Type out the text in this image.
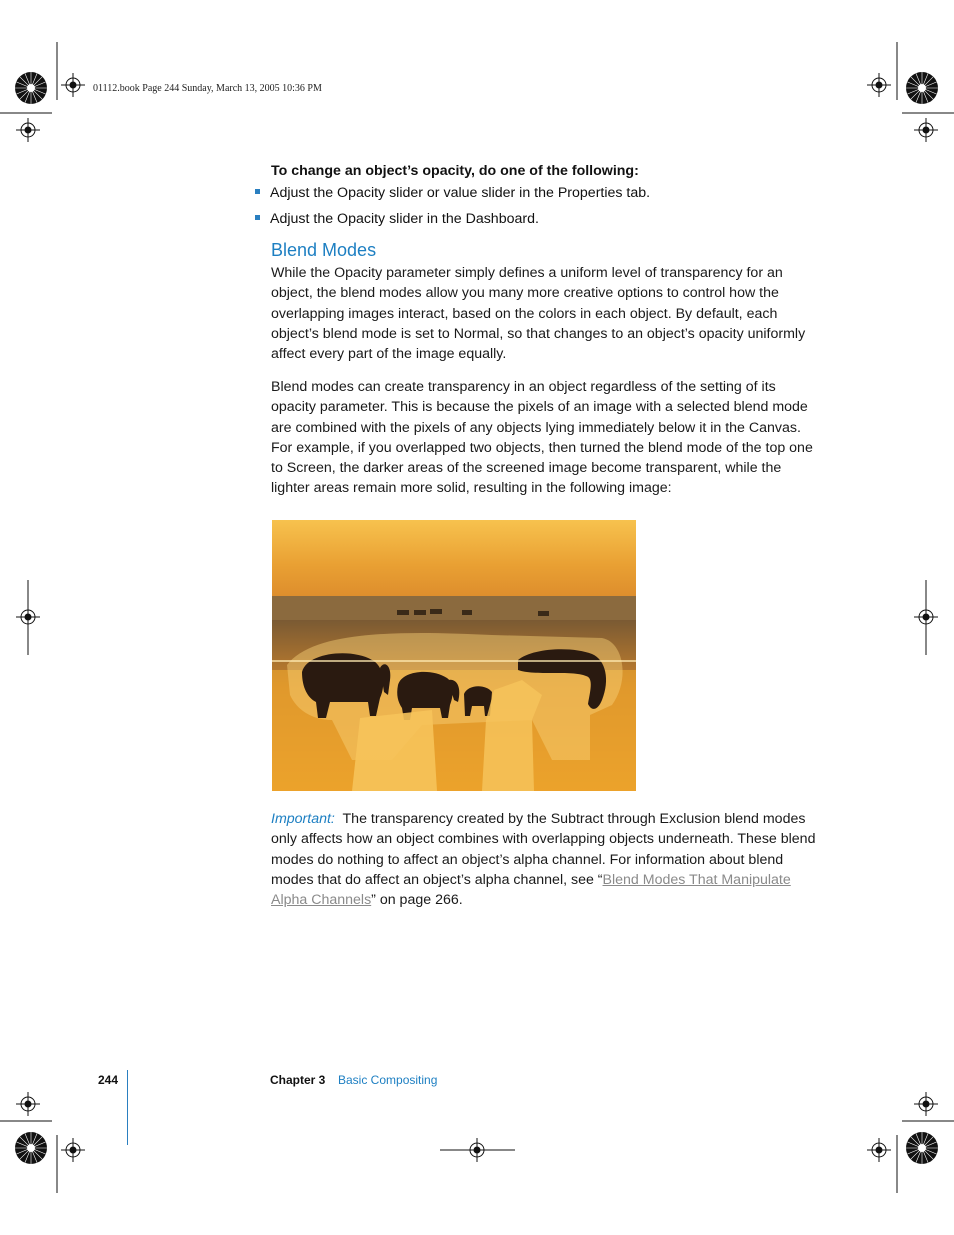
01112.book Page 244 Sunday, March 13, 2005 10:36 PM
To change an object’s opacity, do one of the following:
Adjust the Opacity slider or value slider in the Properties tab.
Adjust the Opacity slider in the Dashboard.
Blend Modes
While the Opacity parameter simply defines a uniform level of transparency for an object, the blend modes allow you many more creative options to control how the overlapping images interact, based on the colors in each object. By default, each object’s blend mode is set to Normal, so that changes to an object’s opacity uniformly affect every part of the image equally.
Blend modes can create transparency in an object regardless of the setting of its opacity parameter. This is because the pixels of an image with a selected blend mode are combined with the pixels of any objects lying immediately below it in the Canvas. For example, if you overlapped two objects, then turned the blend mode of the top one to Screen, the darker areas of the screened image become transparent, while the lighter areas remain more solid, resulting in the following image:
Important: The transparency created by the Subtract through Exclusion blend modes only affects how an object combines with overlapping objects underneath. These blend modes do nothing to affect an object’s alpha channel. For information about blend modes that do affect an object’s alpha channel, see “Blend Modes That Manipulate Alpha Channels” on page 266.
244	Chapter 3 Basic Compositing
